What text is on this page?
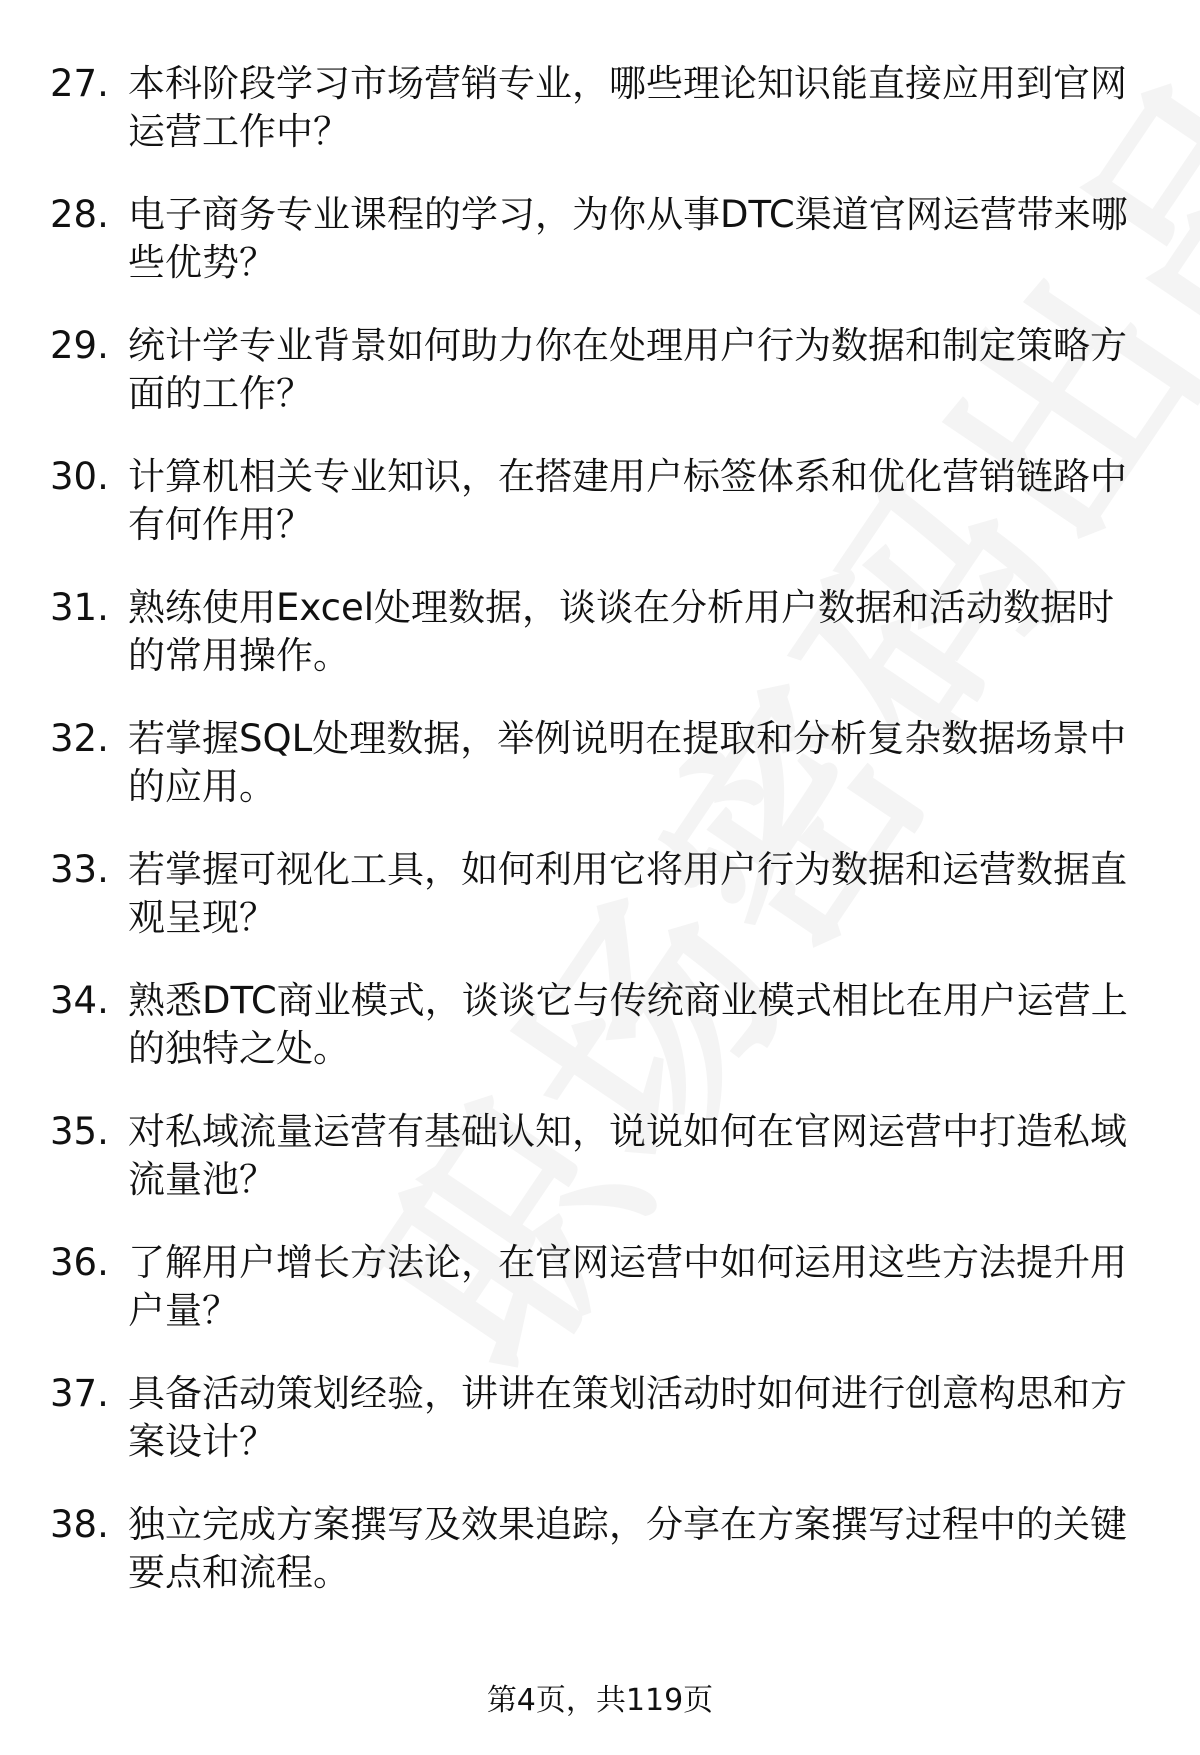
27. 本科阶段学习市场营销专业，哪些理论知识能直接应用到官网运营工作中？
28. 电子商务专业课程的学习，为你从事DTC渠道官网运营带来哪些优势？
29. 统计学专业背景如何助力你在处理用户行为数据和制定策略方面的工作？
30. 计算机相关专业知识，在搭建用户标签体系和优化营销链路中有何作用？
31. 熟练使用Excel处理数据，谈谈在分析用户数据和活动数据时的常用操作。
32. 若掌握SQL处理数据，举例说明在提取和分析复杂数据场景中的应用。
33. 若掌握可视化工具，如何利用它将用户行为数据和运营数据直观呈现？
34. 熟悉DTC商业模式，谈谈它与传统商业模式相比在用户运营上的独特之处。
35. 对私域流量运营有基础认知，说说如何在官网运营中打造私域流量池？
36. 了解用户增长方法论，在官网运营中如何运用这些方法提升用户量？
37. 具备活动策划经验，讲讲在策划活动时如何进行创意构思和方案设计？
38. 独立完成方案撰写及效果追踪，分享在方案撰写过程中的关键要点和流程。
第4页，共119页
